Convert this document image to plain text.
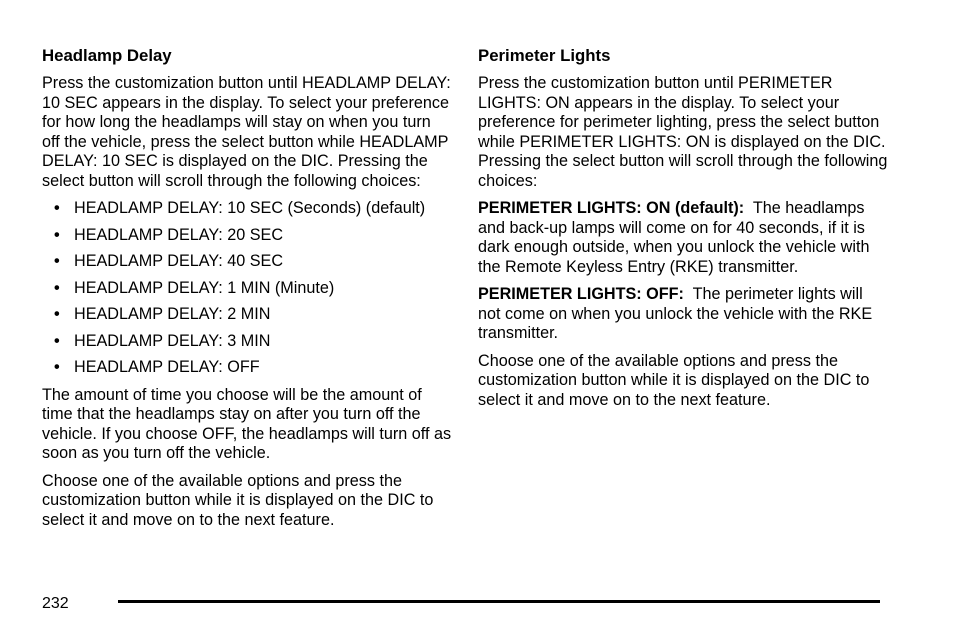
Headlamp Delay

Press the customization button until HEADLAMP DELAY: 10 SEC appears in the display. To select your preference for how long the headlamps will stay on when you turn off the vehicle, press the select button while HEADLAMP DELAY: 10 SEC is displayed on the DIC. Pressing the select button will scroll through the following choices:

• HEADLAMP DELAY: 10 SEC (Seconds) (default)
• HEADLAMP DELAY: 20 SEC
• HEADLAMP DELAY: 40 SEC
• HEADLAMP DELAY: 1 MIN (Minute)
• HEADLAMP DELAY: 2 MIN
• HEADLAMP DELAY: 3 MIN
• HEADLAMP DELAY: OFF

The amount of time you choose will be the amount of time that the headlamps stay on after you turn off the vehicle. If you choose OFF, the headlamps will turn off as soon as you turn off the vehicle.

Choose one of the available options and press the customization button while it is displayed on the DIC to select it and move on to the next feature.

Perimeter Lights

Press the customization button until PERIMETER LIGHTS: ON appears in the display. To select your preference for perimeter lighting, press the select button while PERIMETER LIGHTS: ON is displayed on the DIC. Pressing the select button will scroll through the following choices:

PERIMETER LIGHTS: ON (default): The headlamps and back-up lamps will come on for 40 seconds, if it is dark enough outside, when you unlock the vehicle with the Remote Keyless Entry (RKE) transmitter.

PERIMETER LIGHTS: OFF: The perimeter lights will not come on when you unlock the vehicle with the RKE transmitter.

Choose one of the available options and press the customization button while it is displayed on the DIC to select it and move on to the next feature.

232
